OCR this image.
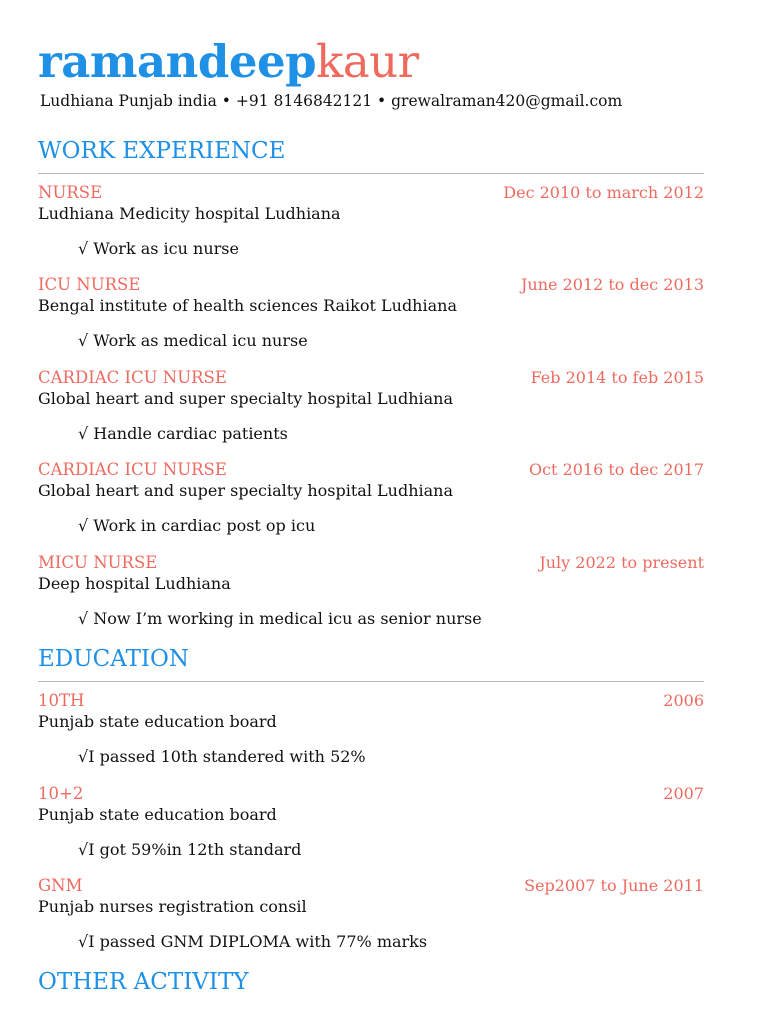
ramandeepkaur
Ludhiana Punjab india • +91 8146842121 • grewalraman420@gmail.com
WORK EXPERIENCE
NURSE	Dec 2010 to march 2012
Ludhiana Medicity hospital Ludhiana
√ Work as icu nurse
ICU NURSE	June 2012 to dec 2013
Bengal institute of health sciences Raikot Ludhiana
√ Work as medical icu nurse
CARDIAC ICU NURSE	Feb 2014 to feb 2015
Global heart and super specialty hospital Ludhiana
√ Handle cardiac patients
CARDIAC ICU NURSE	Oct 2016 to dec 2017
Global heart and super specialty hospital Ludhiana
√ Work in cardiac post op icu
MICU NURSE	July 2022 to present
Deep hospital Ludhiana
√ Now I’m working in medical icu as senior nurse
EDUCATION
10TH	2006
Punjab state education board
√I passed 10th standered with 52%
10+2	2007
Punjab state education board
√I got 59%in 12th standard
GNM	Sep2007 to June 2011
Punjab nurses registration consil
√I passed GNM DIPLOMA with 77% marks
OTHER ACTIVITY
